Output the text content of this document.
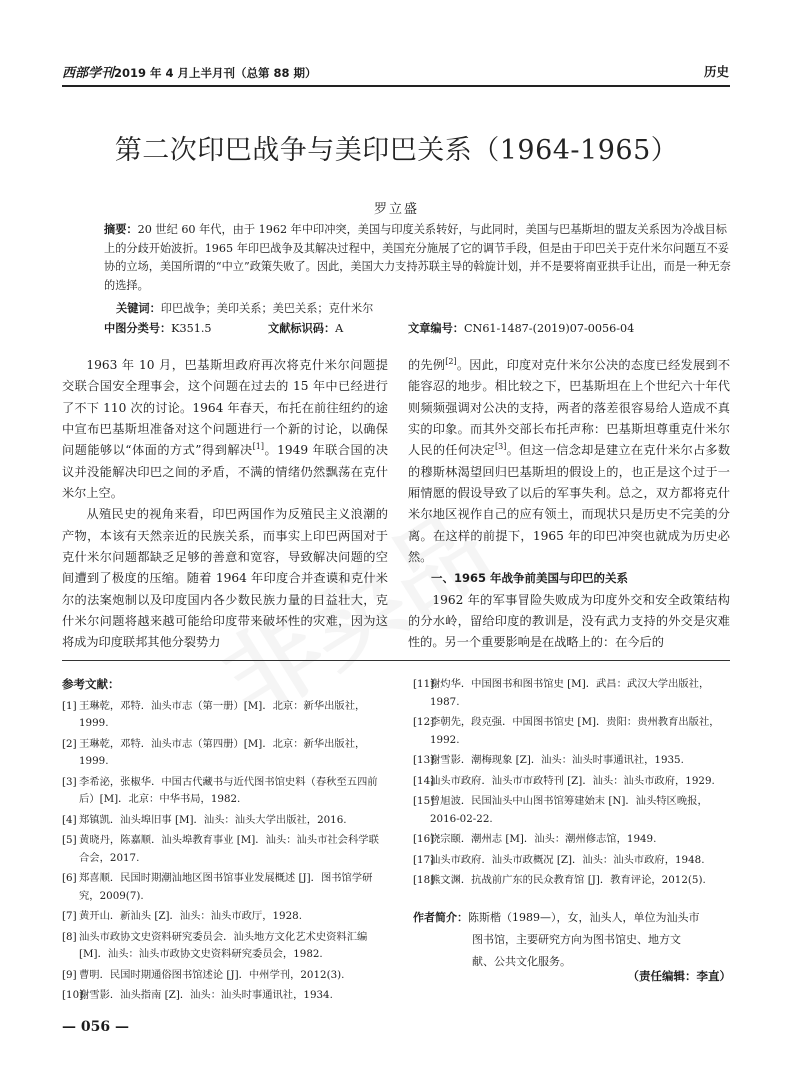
西部学刊2019 年 4 月上半月刊（总第 88 期）	历史
第二次印巴战争与美印巴关系（1964-1965）
罗立盛
摘要：20 世纪 60 年代，由于 1962 年中印冲突，美国与印度关系转好，与此同时，美国与巴基斯坦的盟友关系因为冷战目标上的分歧开始波折。1965 年印巴战争及其解决过程中，美国充分施展了它的调节手段，但是由于印巴关于克什米尔问题互不妥协的立场，美国所谓的“中立”政策失败了。因此，美国大力支持苏联主导的斡旋计划，并不是要将南亚拱手让出，而是一种无奈的选择。
关键词：印巴战争；美印关系；美巴关系；克什米尔
中图分类号：K351.5	文献标识码：A	文章编号：CN61-1487-(2019)07-0056-04

1963 年 10 月，巴基斯坦政府再次将克什米尔问题提交联合国安全理事会，这个问题在过去的 15 年中已经进行了不下 110 次的讨论。1964 年春天，布托在前往纽约的途中宣布巴基斯坦准备对这个问题进行一个新的讨论，以确保问题能够以“体面的方式”得到解决[1]。1949 年联合国的决议并没能解决印巴之间的矛盾，不满的情绪仍然飘荡在克什米尔上空。

从殖民史的视角来看，印巴两国作为反殖民主义浪潮的产物，本该有天然亲近的民族关系，而事实上印巴两国对于克什米尔问题都缺乏足够的善意和宽容，导致解决问题的空间遭到了极度的压缩。随着 1964 年印度合并查谟和克什米尔的法案炮制以及印度国内各少数民族力量的日益壮大，克什米尔问题将越来越可能给印度带来破坏性的灾难，因为这将成为印度联邦其他分裂势力

的先例[2]。因此，印度对克什米尔公决的态度已经发展到不能容忍的地步。相比较之下，巴基斯坦在上个世纪六十年代则频频强调对公决的支持，两者的落差很容易给人造成不真实的印象。而其外交部长布托声称：巴基斯坦尊重克什米尔人民的任何决定[3]。但这一信念却是建立在克什米尔占多数的穆斯林渴望回归巴基斯坦的假设上的，也正是这个过于一厢情愿的假设导致了以后的军事失利。总之，双方都将克什米尔地区视作自己的应有领土，而现状只是历史不完美的分离。在这样的前提下，1965 年的印巴冲突也就成为历史必然。

一、1965 年战争前美国与印巴的关系

1962 年的军事冒险失败成为印度外交和安全政策结构的分水岭，留给印度的教训是，没有武力支持的外交是灾难性的。另一个重要影响是在战略上的：在今后的

参考文献：
[1] 王琳乾，邓特．汕头市志（第一册）[M]．北京：新华出版社，1999.
[2] 王琳乾，邓特．汕头市志（第四册）[M]．北京：新华出版社，1999.
[3] 李希泌，张椒华．中国古代藏书与近代图书馆史料（春秋至五四前后）[M]．北京：中华书局，1982.
[4] 郑镇凯．汕头埠旧事 [M]．汕头：汕头大学出版社，2016.
[5] 黄晓丹，陈嘉顺．汕头埠教育事业 [M]．汕头：汕头市社会科学联合会，2017.
[6] 郑喜顺．民国时期潮汕地区图书馆事业发展概述 [J]．图书馆学研究，2009(7).
[7] 黄开山．新汕头 [Z]．汕头：汕头市政厅，1928.
[8] 汕头市政协文史资料研究委员会．汕头地方文化艺术史资料汇编 [M]．汕头：汕头市政协文史资料研究委员会，1982.
[9] 曹明．民国时期通俗图书馆述论 [J]．中州学刊，2012(3).
[10]
谢雪影．汕头指南 [Z]．汕头：汕头时事通讯社，1934.
[11]
谢灼华．中国图书和图书馆史 [M]．武昌：武汉大学出版社，1987.
[12]
李朝先，段克强．中国图书馆史 [M]．贵阳：贵州教育出版社，1992.
[13]
谢雪影．潮梅现象 [Z]．汕头：汕头时事通讯社，1935.
[14]
汕头市政府．汕头市市政特刊 [Z]．汕头：汕头市政府，1929.
[15]
曾旭波．民国汕头中山图书馆筹建始末 [N]．汕头特区晚报，2016-02-22.
[16]
饶宗颐．潮州志 [M]．汕头：潮州修志馆，1949.
[17]
汕头市政府．汕头市政概况 [Z]．汕头：汕头市政府，1948.
[18]
熊文渊．抗战前广东的民众教育馆 [J]．教育评论，2012(5).
作者简介：陈斯楷（1989—），女，汕头人，单位为汕头市
图书馆，主要研究方向为图书馆史、地方文
献、公共文化服务。
（责任编辑：李直）
— 056 —
